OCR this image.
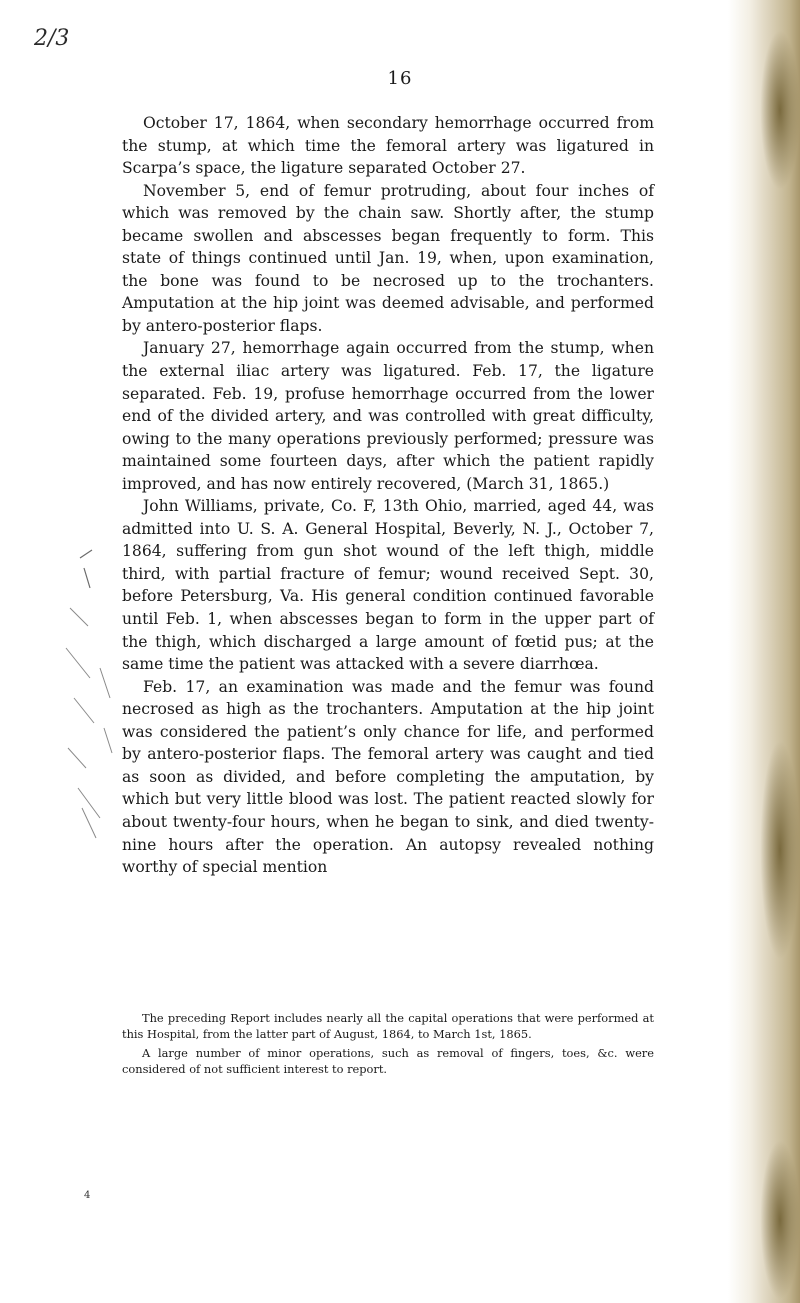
2/3
16

October 17, 1864, when secondary hemorrhage occurred from the stump, at which time the femoral artery was ligatured in Scarpa’s space, the ligature separated October 27.

November 5, end of femur protruding, about four inches of which was removed by the chain saw. Shortly after, the stump became swollen and abscesses began frequently to form. This state of things continued until Jan. 19, when, upon examination, the bone was found to be necrosed up to the trochanters. Amputation at the hip joint was deemed advisable, and performed by antero-posterior flaps.

January 27, hemorrhage again occurred from the stump, when the external iliac artery was ligatured. Feb. 17, the ligature separated. Feb. 19, profuse hemorrhage occurred from the lower end of the divided artery, and was controlled with great difficulty, owing to the many operations previously performed; pressure was maintained some fourteen days, after which the patient rapidly improved, and has now entirely recovered, (March 31, 1865.)

John Williams, private, Co. F, 13th Ohio, married, aged 44, was admitted into U. S. A. General Hospital, Beverly, N. J., October 7, 1864, suffering from gun shot wound of the left thigh, middle third, with partial fracture of femur; wound received Sept. 30, before Petersburg, Va. His general condition continued favorable until Feb. 1, when abscesses began to form in the upper part of the thigh, which discharged a large amount of fœtid pus; at the same time the patient was attacked with a severe diarrhœa.

Feb. 17, an examination was made and the femur was found necrosed as high as the trochanters. Amputation at the hip joint was considered the patient’s only chance for life, and performed by antero-posterior flaps. The femoral artery was caught and tied as soon as divided, and before completing the amputation, by which but very little blood was lost. The patient reacted slowly for about twenty-four hours, when he began to sink, and died twenty-nine hours after the operation. An autopsy revealed nothing worthy of special mention

The preceding Report includes nearly all the capital operations that were performed at this Hospital, from the latter part of August, 1864, to March 1st, 1865.

A large number of minor operations, such as removal of fingers, toes, &c. were considered of not sufficient interest to report.

4
